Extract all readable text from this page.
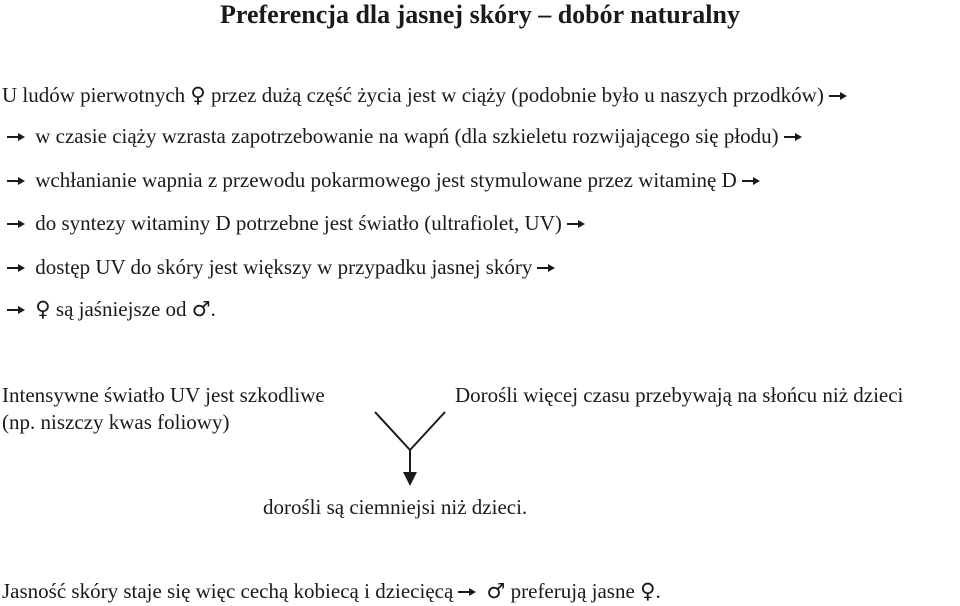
Preferencja dla jasnej skóry – dobór naturalny
U ludów pierwotnych ♀ przez dużą część życia jest w ciąży (podobnie było u naszych przodków)
w czasie ciąży wzrasta zapotrzebowanie na wapń (dla szkieletu rozwijającego się płodu)
wchłanianie wapnia z przewodu pokarmowego jest stymulowane przez witaminę D
do syntezy witaminy D potrzebne jest światło (ultrafiolet, UV)
dostęp UV do skóry jest większy w przypadku jasnej skóry
♀ są jaśniejsze od ♂.
Intensywne światło UV jest szkodliwe
(np. niszczy kwas foliowy)
Dorośli więcej czasu przebywają na słońcu niż dzieci
dorośli są ciemniejsi niż dzieci.
Jasność skóry staje się więc cechą kobiecą i dziecięcą ♂ preferują jasne ♀.
